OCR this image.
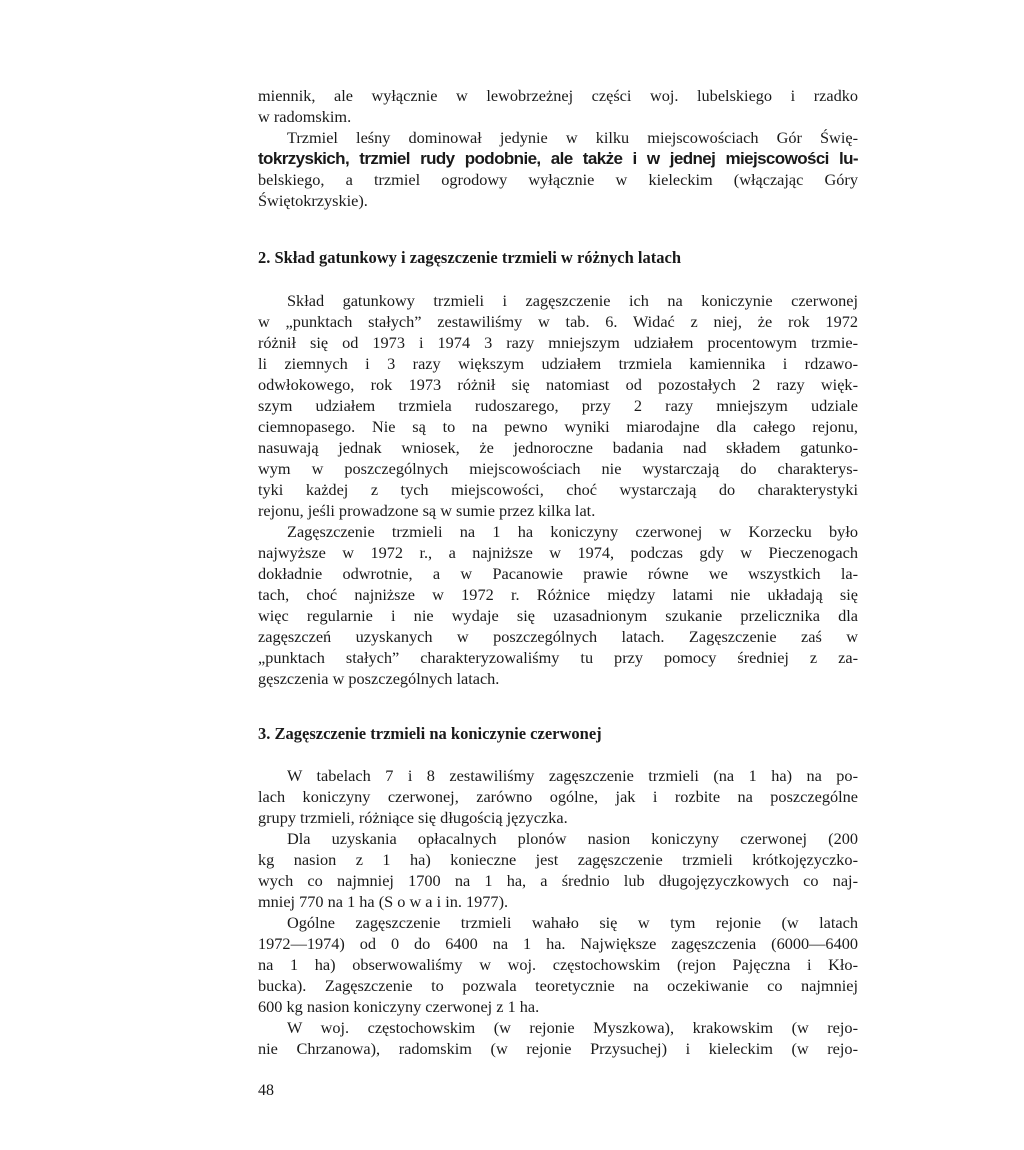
miennik, ale wyłącznie w lewobrzeżnej części woj. lubelskiego i rzadko
w radomskim.
Trzmiel leśny dominował jedynie w kilku miejscowościach Gór Świę-
tokrzyskich, trzmiel rudy podobnie, ale także i w jednej miejscowości lu-
belskiego, a trzmiel ogrodowy wyłącznie w kieleckim (włączając Góry
Świętokrzyskie).
2. Skład gatunkowy i zagęszczenie trzmieli w różnych latach
Skład gatunkowy trzmieli i zagęszczenie ich na koniczynie czerwonej
w „punktach stałych” zestawiliśmy w tab. 6. Widać z niej, że rok 1972
różnił się od 1973 i 1974 3 razy mniejszym udziałem procentowym trzmie-
li ziemnych i 3 razy większym udziałem trzmiela kamiennika i rdzawo-
odwłokowego, rok 1973 różnił się natomiast od pozostałych 2 razy więk-
szym udziałem trzmiela rudoszarego, przy 2 razy mniejszym udziale
ciemnopasego. Nie są to na pewno wyniki miarodajne dla całego rejonu,
nasuwają jednak wniosek, że jednoroczne badania nad składem gatunko-
wym w poszczególnych miejscowościach nie wystarczają do charakterys-
tyki każdej z tych miejscowości, choć wystarczają do charakterystyki
rejonu, jeśli prowadzone są w sumie przez kilka lat.
Zagęszczenie trzmieli na 1 ha koniczyny czerwonej w Korzecku było
najwyższe w 1972 r., a najniższe w 1974, podczas gdy w Pieczenogach
dokładnie odwrotnie, a w Pacanowie prawie równe we wszystkich la-
tach, choć najniższe w 1972 r. Różnice między latami nie układają się
więc regularnie i nie wydaje się uzasadnionym szukanie przelicznika dla
zagęszczeń uzyskanych w poszczególnych latach. Zagęszczenie zaś w
„punktach stałych” charakteryzowaliśmy tu przy pomocy średniej z za-
gęszczenia w poszczególnych latach.
3. Zagęszczenie trzmieli na koniczynie czerwonej
W tabelach 7 i 8 zestawiliśmy zagęszczenie trzmieli (na 1 ha) na po-
lach koniczyny czerwonej, zarówno ogólne, jak i rozbite na poszczególne
grupy trzmieli, różniące się długością języczka.
Dla uzyskania opłacalnych plonów nasion koniczyny czerwonej (200
kg nasion z 1 ha) konieczne jest zagęszczenie trzmieli krótkojęzyczko-
wych co najmniej 1700 na 1 ha, a średnio lub długojęzyczkowych co naj-
mniej 770 na 1 ha (S o w a i in. 1977).
Ogólne zagęszczenie trzmieli wahało się w tym rejonie (w latach
1972—1974) od 0 do 6400 na 1 ha. Największe zagęszczenia (6000—6400
na 1 ha) obserwowaliśmy w woj. częstochowskim (rejon Pajęczna i Kło-
bucka). Zagęszczenie to pozwala teoretycznie na oczekiwanie co najmniej
600 kg nasion koniczyny czerwonej z 1 ha.
W woj. częstochowskim (w rejonie Myszkowa), krakowskim (w rejo-
nie Chrzanowa), radomskim (w rejonie Przysuchej) i kieleckim (w rejo-
48
